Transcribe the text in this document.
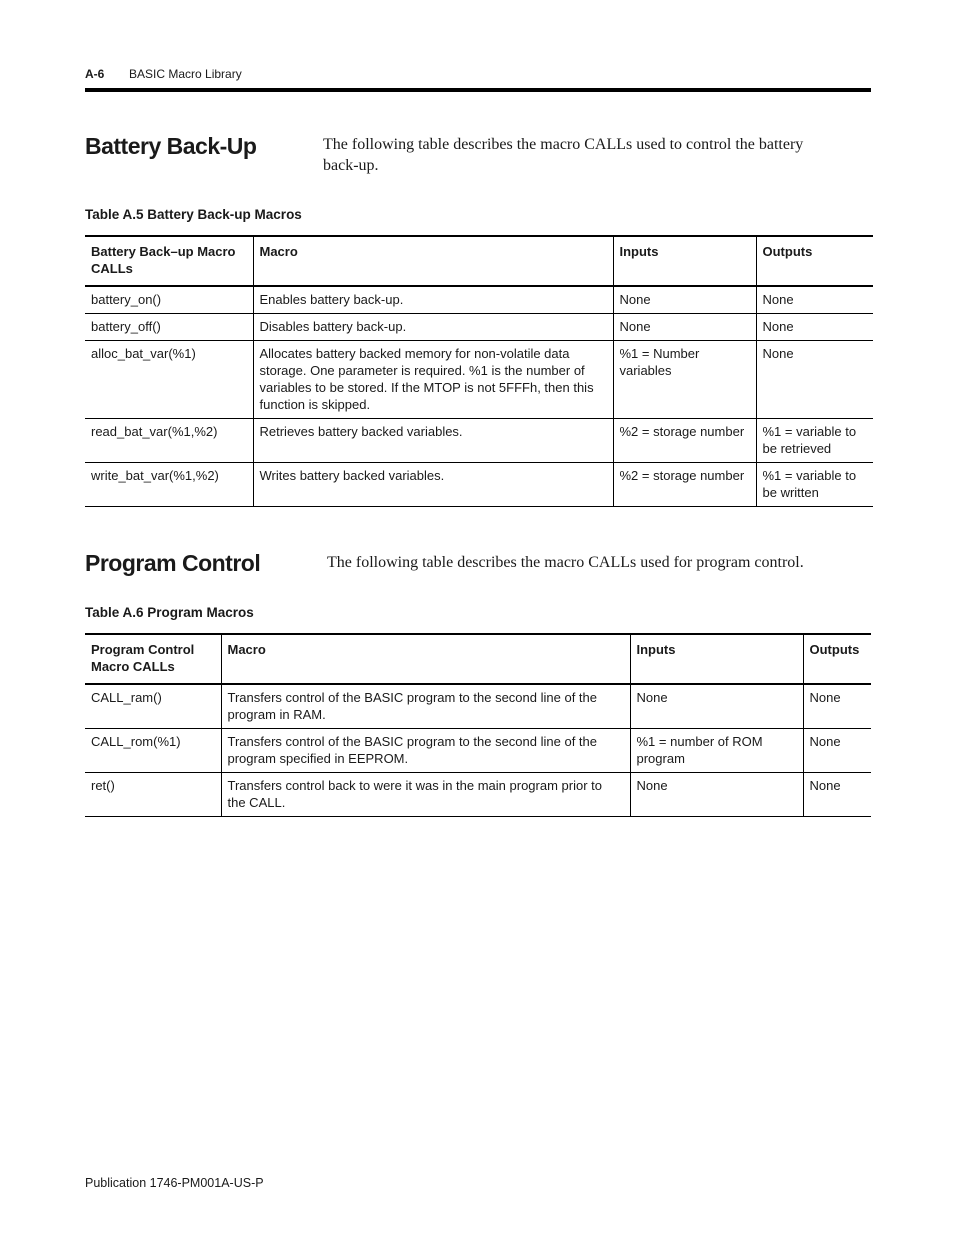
A-6 BASIC Macro Library
Battery Back-Up	The following table describes the macro CALLs used to control the battery back-up.
Table A.5 Battery Back-up Macros
Battery Back–up Macro CALLs	Macro	Inputs	Outputs
battery_on()	Enables battery back-up.	None	None
battery_off()	Disables battery back-up.	None	None
alloc_bat_var(%1)	Allocates battery backed memory for non-volatile data storage. One parameter is required. %1 is the number of variables to be stored. If the MTOP is not 5FFFh, then this function is skipped.	%1 = Number variables	None
read_bat_var(%1,%2)	Retrieves battery backed variables.	%2 = storage number	%1 = variable to be retrieved
write_bat_var(%1,%2)	Writes battery backed variables.	%2 = storage number	%1 = variable to be written
Program Control	The following table describes the macro CALLs used for program control.
Table A.6 Program Macros
Program Control Macro CALLs	Macro	Inputs	Outputs
CALL_ram()	Transfers control of the BASIC program to the second line of the program in RAM.	None	None
CALL_rom(%1)	Transfers control of the BASIC program to the second line of the program specified in EEPROM.	%1 = number of ROM program	None
ret()	Transfers control back to were it was in the main program prior to the CALL.	None	None
Publication 1746-PM001A-US-P
